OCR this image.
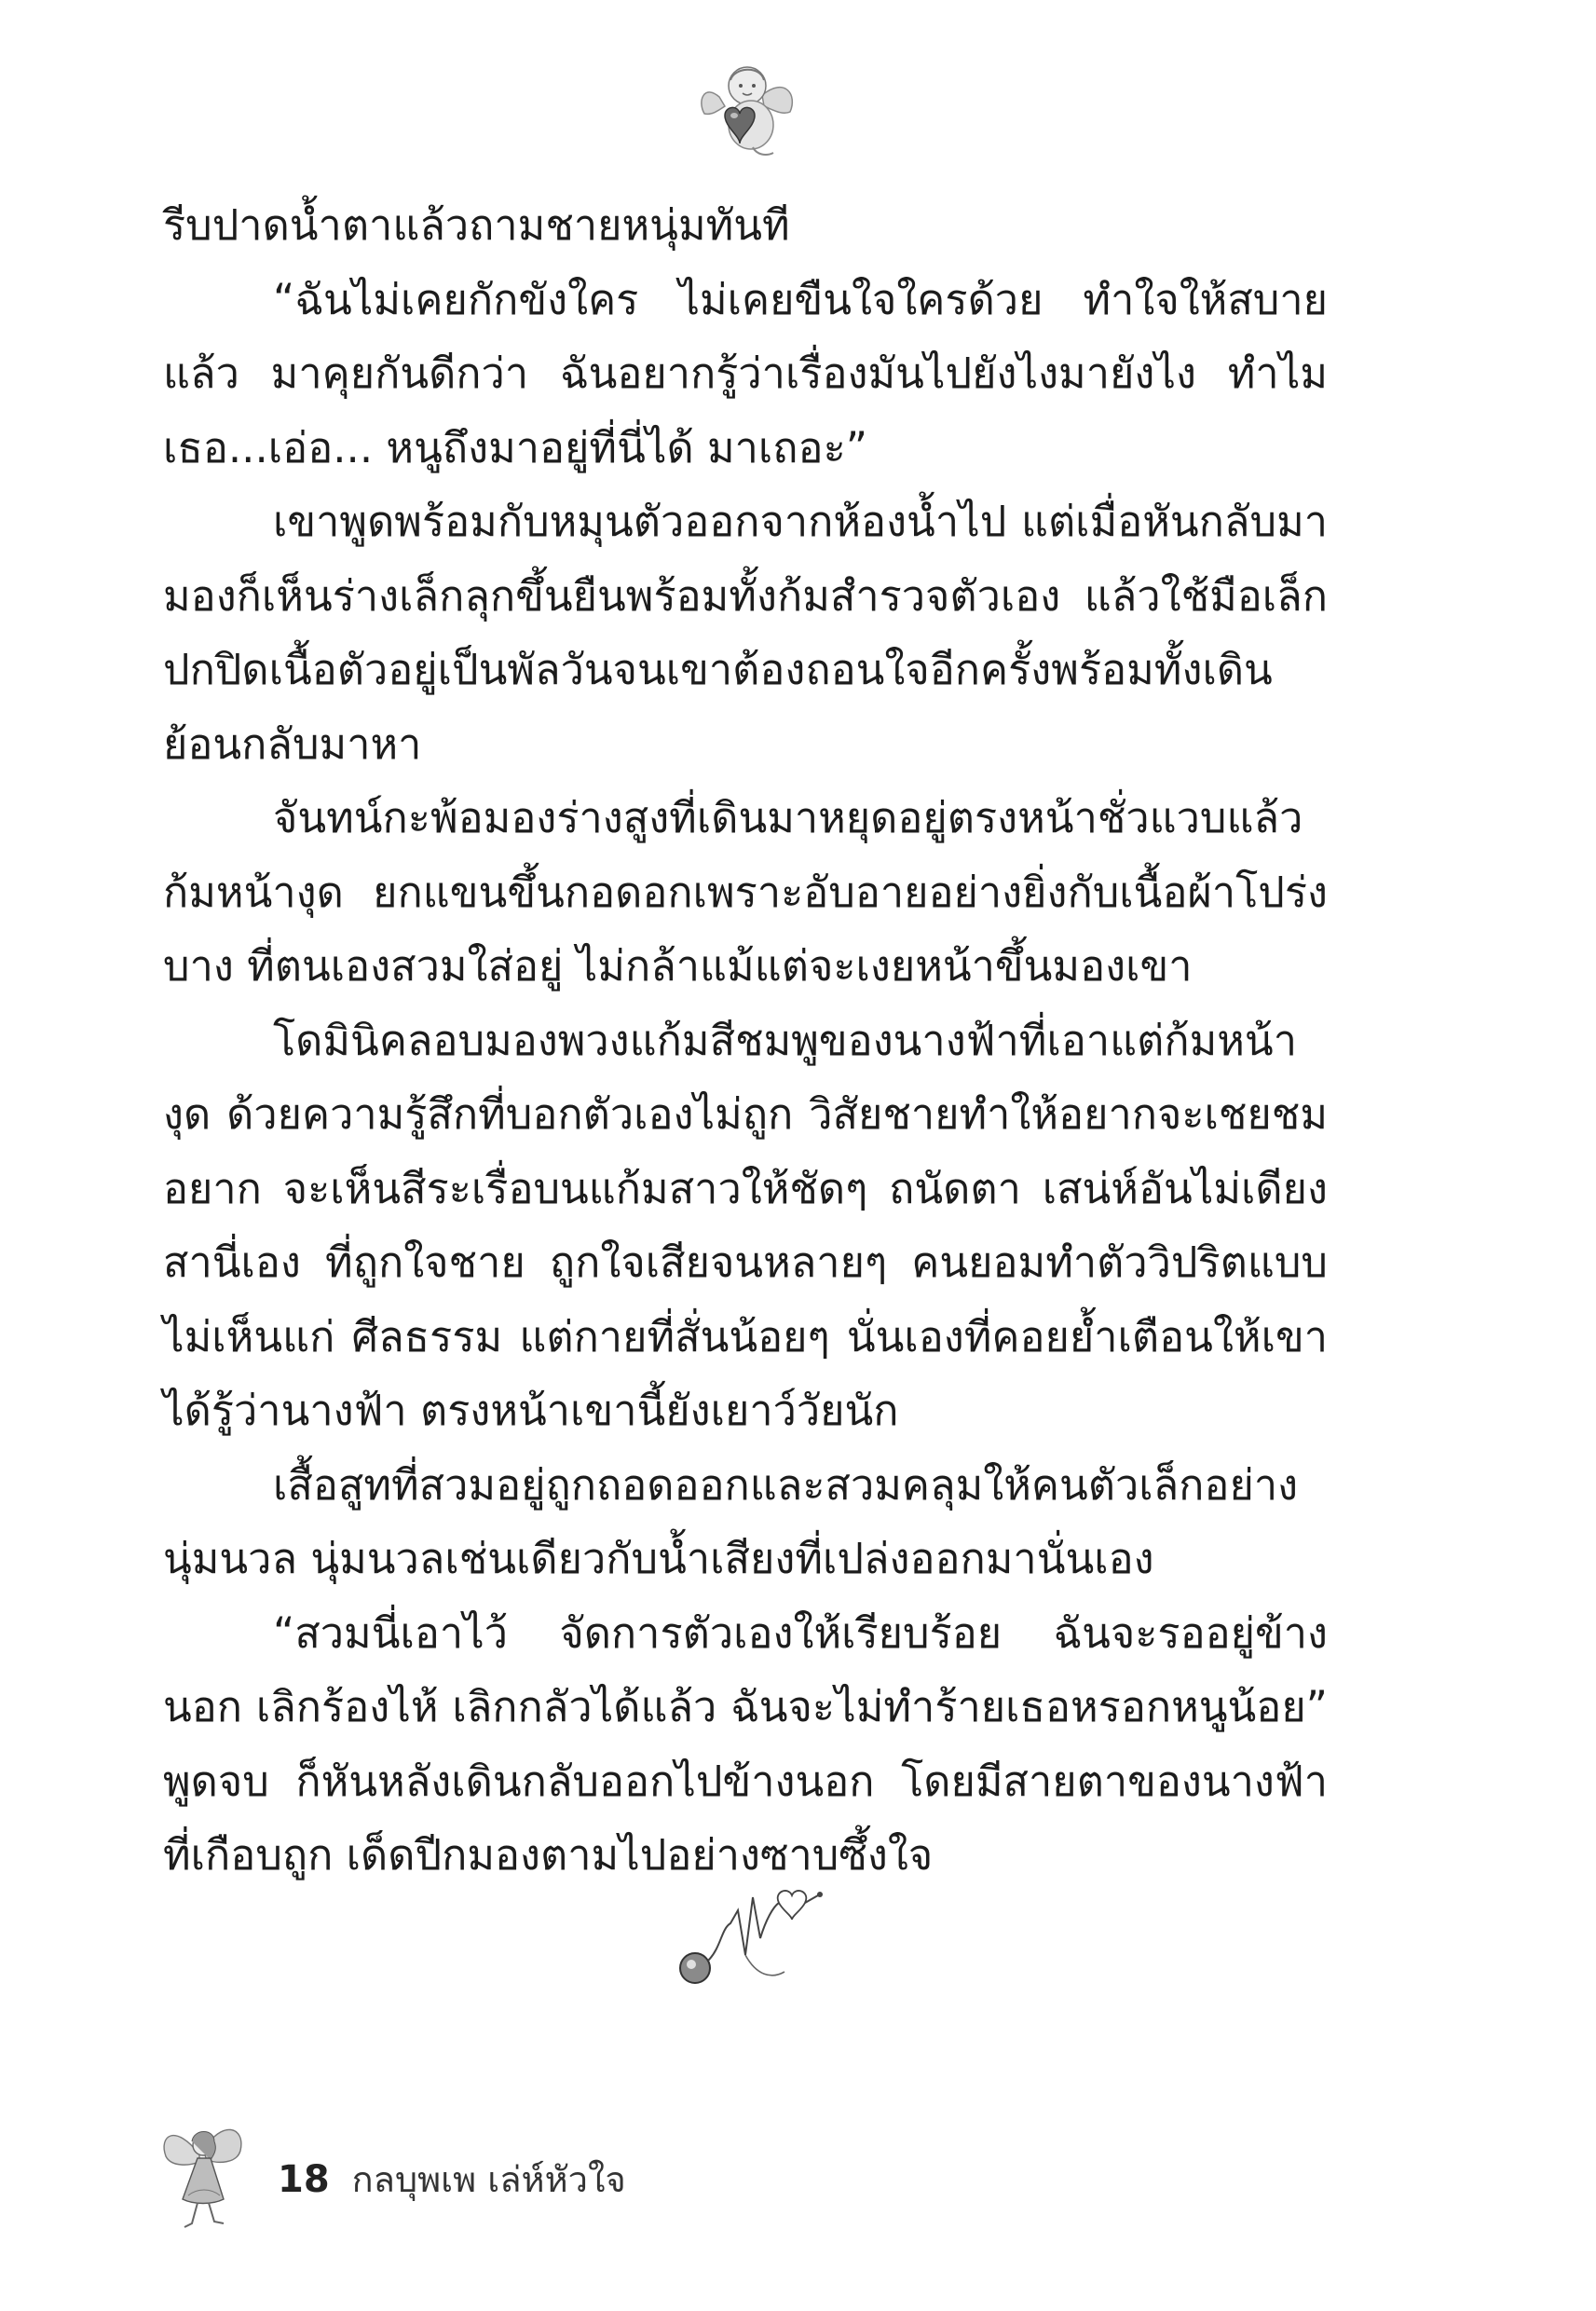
รีบปาดน้ำตาแล้วถามชายหนุ่มทันที

“ฉันไม่เคยกักขังใคร ไม่เคยขืนใจใครด้วย ทำใจให้สบายแล้ว มาคุยกันดีกว่า ฉันอยากรู้ว่าเรื่องมันไปยังไงมายังไง ทำไมเธอ...เอ่อ... หนูถึงมาอยู่ที่นี่ได้ มาเถอะ”

เขาพูดพร้อมกับหมุนตัวออกจากห้องน้ำไป แต่เมื่อหันกลับมา มองก็เห็นร่างเล็กลุกขึ้นยืนพร้อมทั้งก้มสำรวจตัวเอง แล้วใช้มือเล็ก ปกปิดเนื้อตัวอยู่เป็นพัลวันจนเขาต้องถอนใจอีกครั้งพร้อมทั้งเดิน ย้อนกลับมาหา

จันทน์กะพ้อมองร่างสูงที่เดินมาหยุดอยู่ตรงหน้าชั่วแวบแล้ว ก้มหน้างุด ยกแขนขึ้นกอดอกเพราะอับอายอย่างยิ่งกับเนื้อผ้าโปร่งบาง ที่ตนเองสวมใส่อยู่ ไม่กล้าแม้แต่จะเงยหน้าขึ้นมองเขา

โดมินิคลอบมองพวงแก้มสีชมพูของนางฟ้าที่เอาแต่ก้มหน้างุด ด้วยความรู้สึกที่บอกตัวเองไม่ถูก วิสัยชายทำให้อยากจะเชยชม อยาก จะเห็นสีระเรื่อบนแก้มสาวให้ชัดๆ ถนัดตา เสน่ห์อันไม่เดียงสานี่เอง ที่ถูกใจชาย ถูกใจเสียจนหลายๆ คนยอมทำตัววิปริตแบบไม่เห็นแก่ ศีลธรรม แต่กายที่สั่นน้อยๆ นั่นเองที่คอยย้ำเตือนให้เขาได้รู้ว่านางฟ้า ตรงหน้าเขานี้ยังเยาว์วัยนัก

เสื้อสูทที่สวมอยู่ถูกถอดออกและสวมคลุมให้คนตัวเล็กอย่าง นุ่มนวล นุ่มนวลเช่นเดียวกับน้ำเสียงที่เปล่งออกมานั่นเอง

“สวมนี่เอาไว้ จัดการตัวเองให้เรียบร้อย ฉันจะรออยู่ข้างนอก เลิกร้องไห้ เลิกกลัวได้แล้ว ฉันจะไม่ทำร้ายเธอหรอกหนูน้อย” พูดจบ ก็หันหลังเดินกลับออกไปข้างนอก โดยมีสายตาของนางฟ้าที่เกือบถูก เด็ดปีกมองตามไปอย่างซาบซึ้งใจ

18 กลบุพเพ เล่ห์หัวใจ
